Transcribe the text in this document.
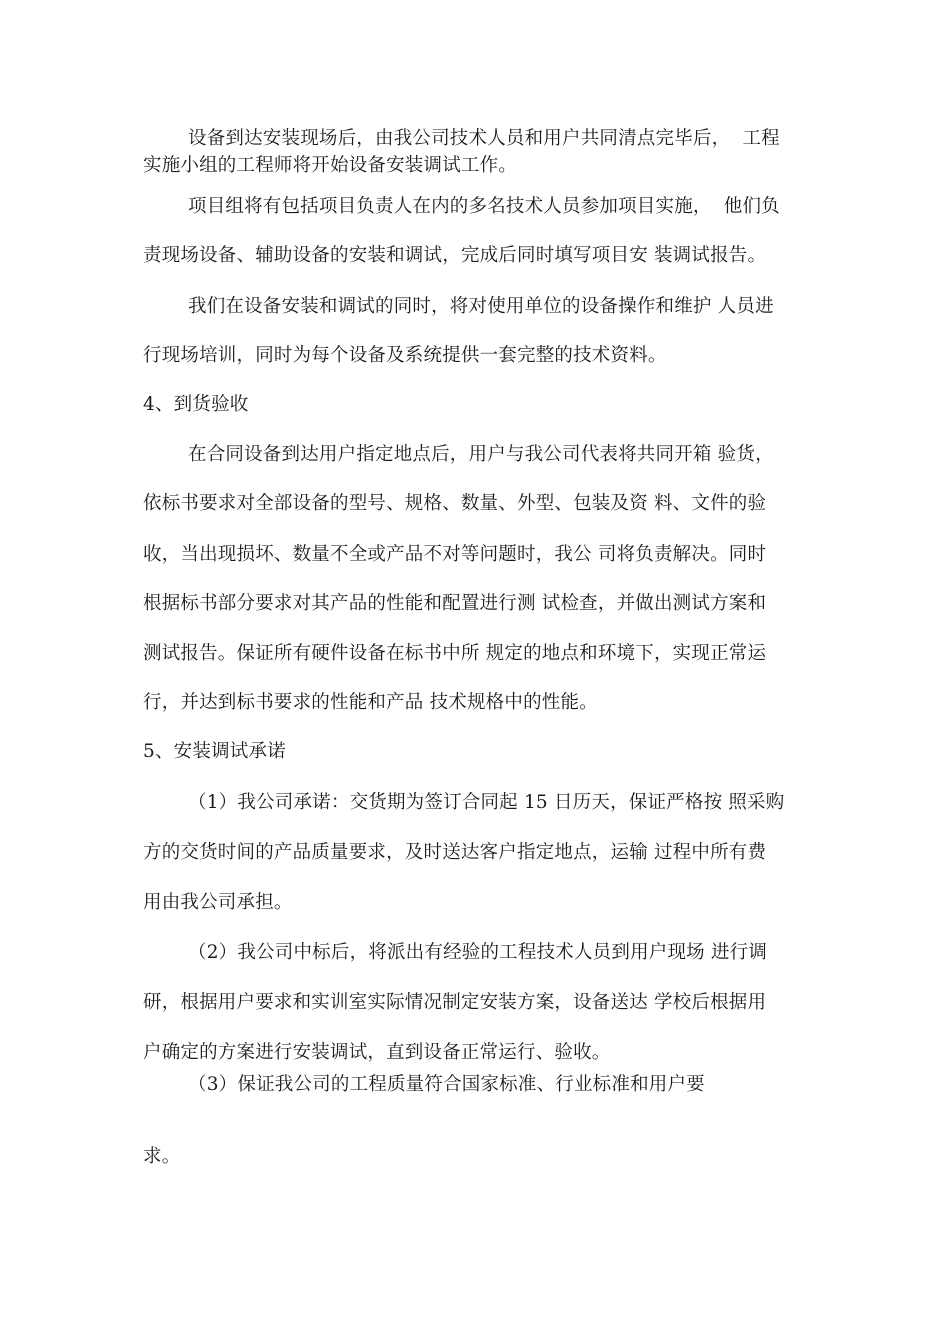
设备到达安装现场后，由我公司技术人员和用户共同清点完毕后，  工程
实施小组的工程师将开始设备安装调试工作。
项目组将有包括项目负责人在内的多名技术人员参加项目实施，  他们负
责现场设备、辅助设备的安装和调试，完成后同时填写项目安 装调试报告。
我们在设备安装和调试的同时，将对使用单位的设备操作和维护 人员进
行现场培训，同时为每个设备及系统提供一套完整的技术资料。
4、到货验收
在合同设备到达用户指定地点后，用户与我公司代表将共同开箱 验货，
依标书要求对全部设备的型号、规格、数量、外型、包装及资 料、文件的验
收，当出现损坏、数量不全或产品不对等问题时，我公 司将负责解决。同时
根据标书部分要求对其产品的性能和配置进行测 试检查，并做出测试方案和
测试报告。保证所有硬件设备在标书中所 规定的地点和环境下，实现正常运
行，并达到标书要求的性能和产品 技术规格中的性能。
5、安装调试承诺
（1）我公司承诺：交货期为签订合同起 15 日历天，保证严格按 照采购
方的交货时间的产品质量要求，及时送达客户指定地点，运输 过程中所有费
用由我公司承担。
（2）我公司中标后，将派出有经验的工程技术人员到用户现场 进行调
研，根据用户要求和实训室实际情况制定安装方案，设备送达 学校后根据用
户确定的方案进行安装调试，直到设备正常运行、验收。
（3）保证我公司的工程质量符合国家标准、行业标准和用户要
求。
